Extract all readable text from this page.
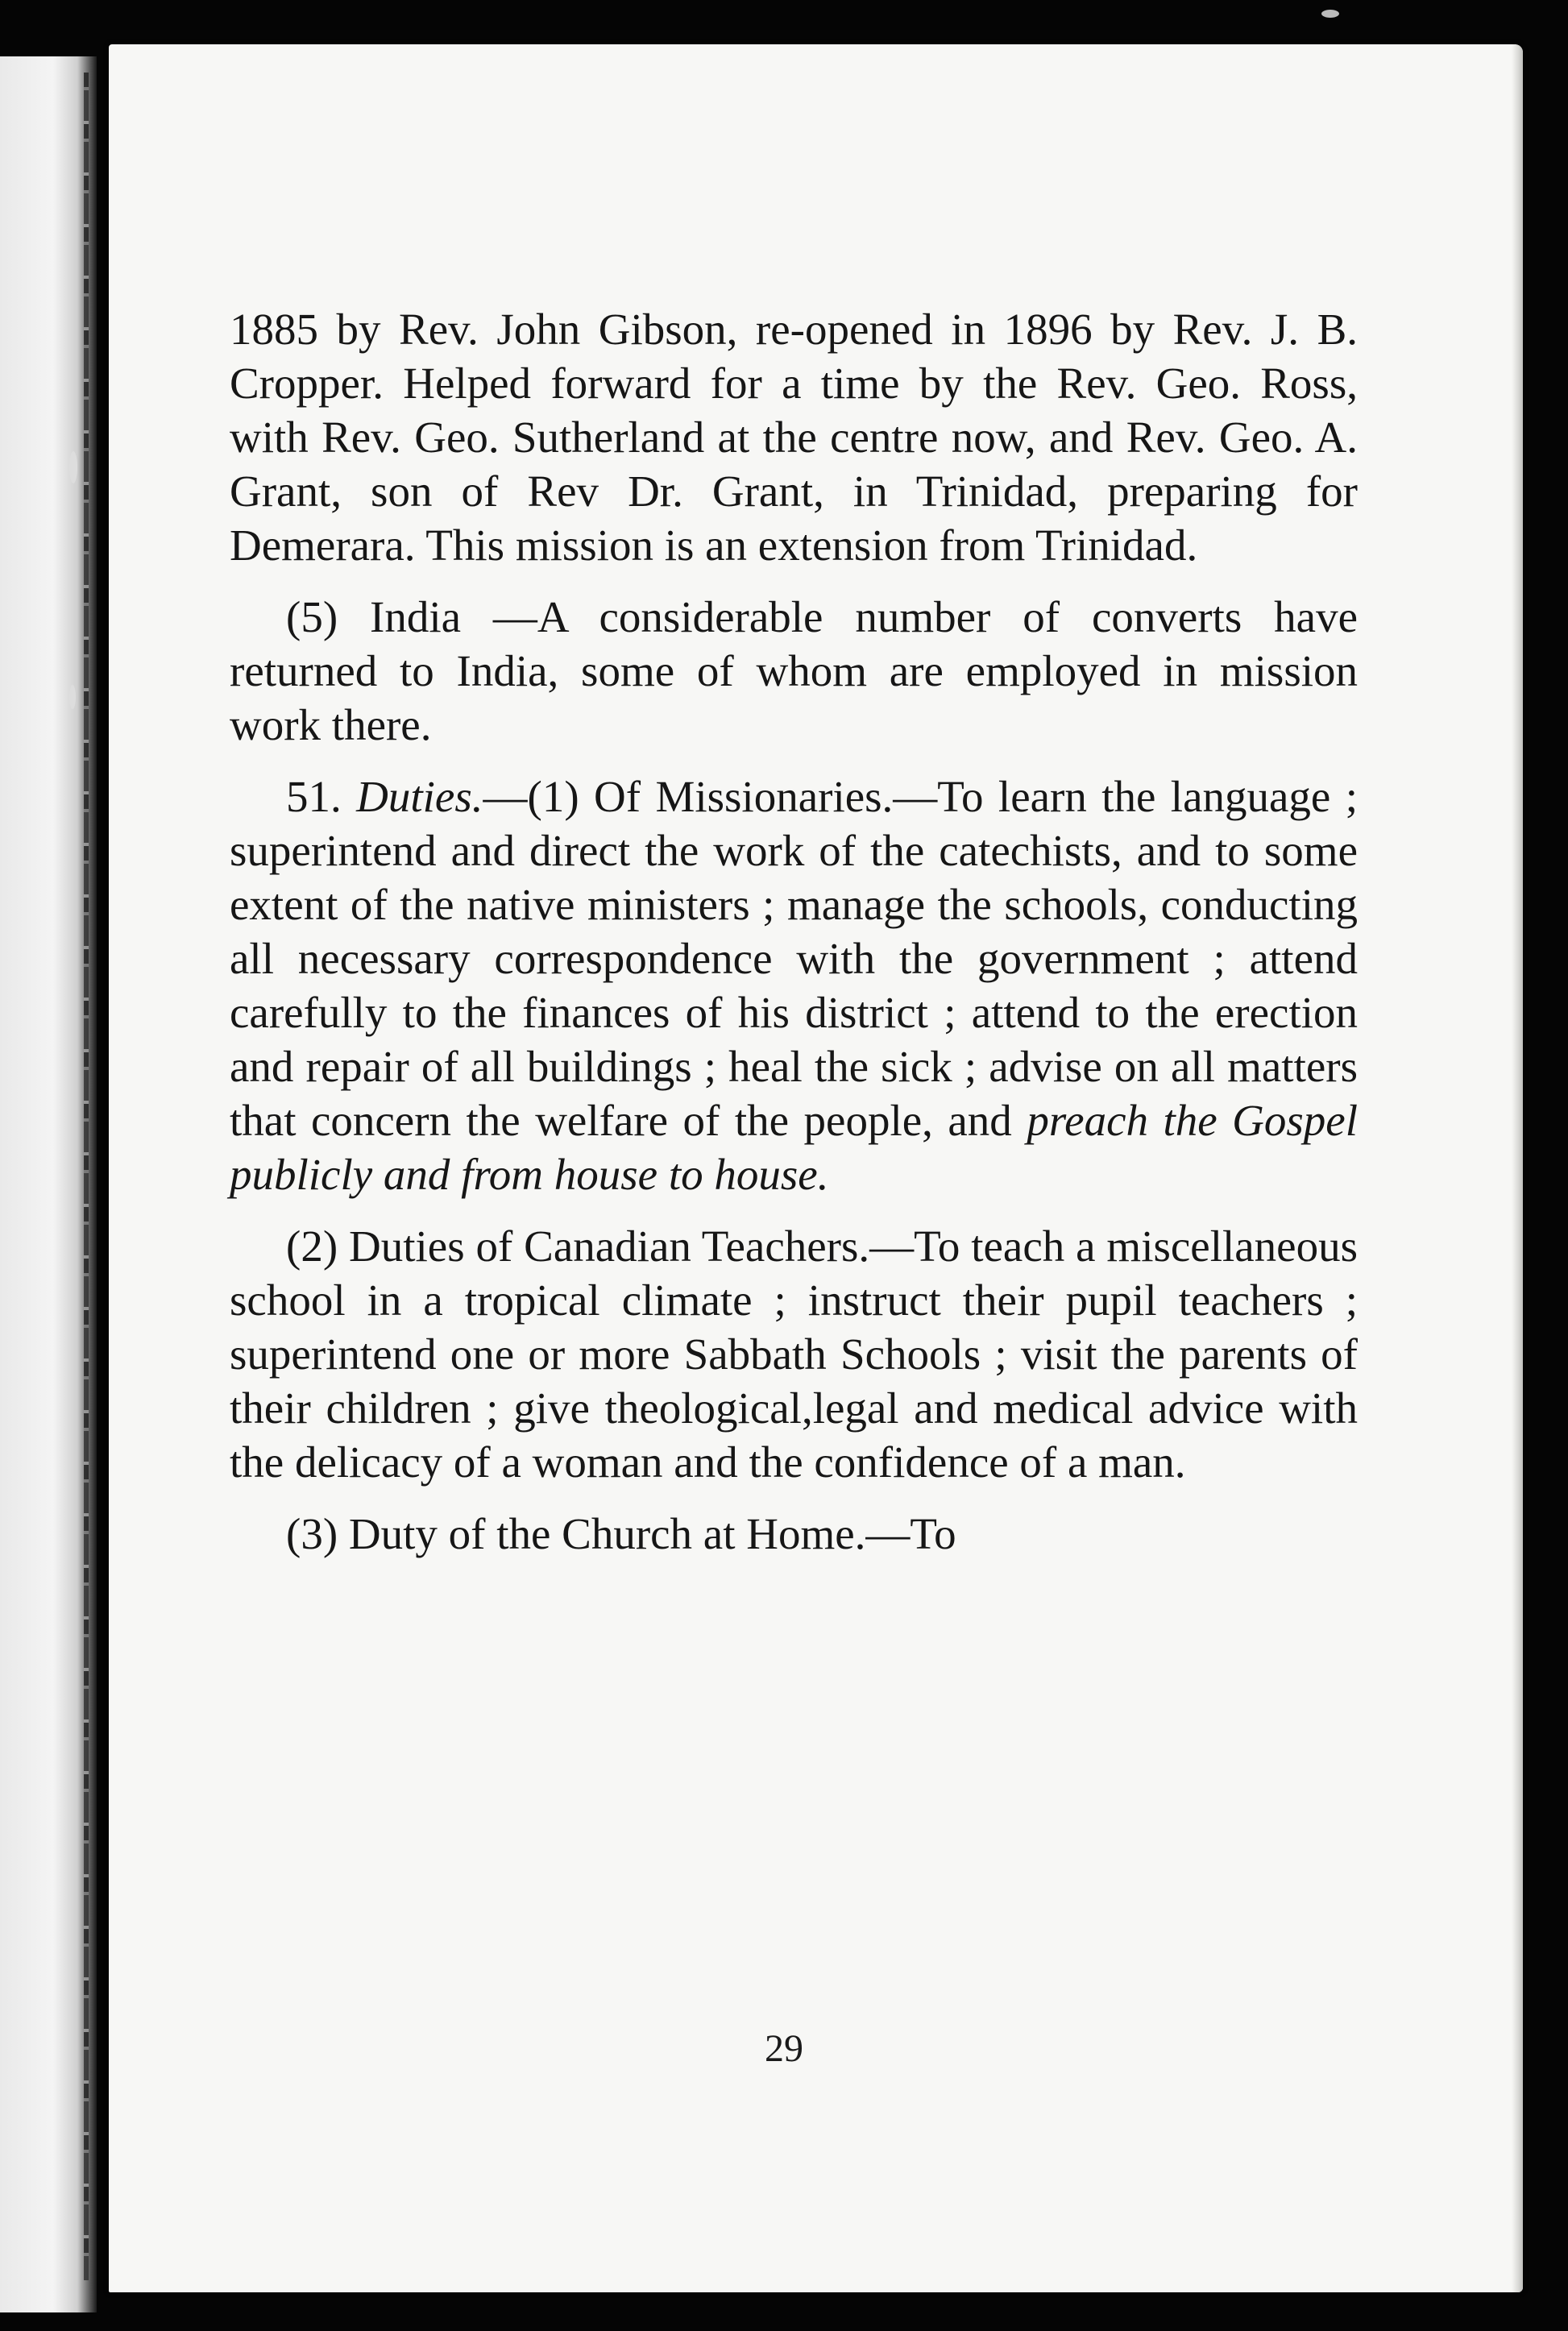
1885 by Rev. John Gibson, re-opened in 1896 by Rev. J. B. Cropper. Helped forward for a time by the Rev. Geo. Ross, with Rev. Geo. Sutherland at the centre now, and Rev. Geo. A. Grant, son of Rev Dr. Grant, in Trinidad, preparing for Demerara. This mission is an extension from Trinidad.

(5) India —A considerable number of converts have returned to India, some of whom are employed in mission work there.

51. Duties.—(1) Of Missionaries.—To learn the language ; superintend and direct the work of the catechists, and to some extent of the native ministers ; manage the schools, conducting all necessary correspondence with the government ; attend carefully to the finances of his district ; attend to the erection and repair of all buildings ; heal the sick ; advise on all matters that concern the welfare of the people, and preach the Gospel publicly and from house to house.

(2) Duties of Canadian Teachers.—To teach a miscellaneous school in a tropical climate ; instruct their pupil teachers ; superintend one or more Sabbath Schools ; visit the parents of their children ; give theological,legal and medical advice with the delicacy of a woman and the confidence of a man.

(3) Duty of the Church at Home.—To

29
